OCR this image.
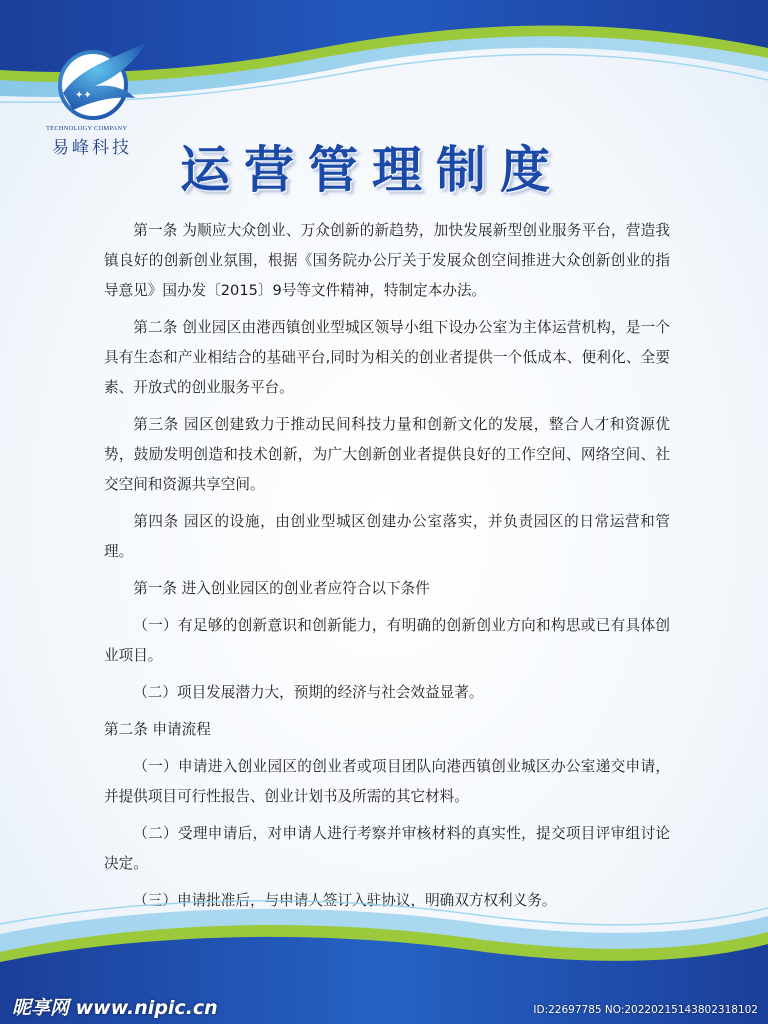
✦✦
TECHNOLOGY COMPANY
易峰科技 运营管理制度

第一条 为顺应大众创业、万众创新的新趋势，加快发展新型创业服务平台，营造我镇良好的创新创业氛围，根据《国务院办公厅关于发展众创空间推进大众创新创业的指导意见》国办发〔2015〕9号等文件精神，特制定本办法。

第二条 创业园区由港西镇创业型城区领导小组下设办公室为主体运营机构，是一个具有生态和产业相结合的基础平台,同时为相关的创业者提供一个低成本、便利化、全要素、开放式的创业服务平台。

第三条 园区创建致力于推动民间科技力量和创新文化的发展，整合人才和资源优势，鼓励发明创造和技术创新，为广大创新创业者提供良好的工作空间、网络空间、社交空间和资源共享空间。

第四条 园区的设施，由创业型城区创建办公室落实，并负责园区的日常运营和管理。

第一条 进入创业园区的创业者应符合以下条件

（一）有足够的创新意识和创新能力，有明确的创新创业方向和构思或已有具体创业项目。

（二）项目发展潜力大，预期的经济与社会效益显著。

第二条 申请流程

（一）申请进入创业园区的创业者或项目团队向港西镇创业城区办公室递交申请，并提供项目可行性报告、创业计划书及所需的其它材料。

（二）受理申请后，对申请人进行考察并审核材料的真实性，提交项目评审组讨论决定。

（三）申请批准后，与申请人签订入驻协议，明确双方权利义务。

昵享网 www.nipic.cn	ID:22697785 NO:20220215143802318102
